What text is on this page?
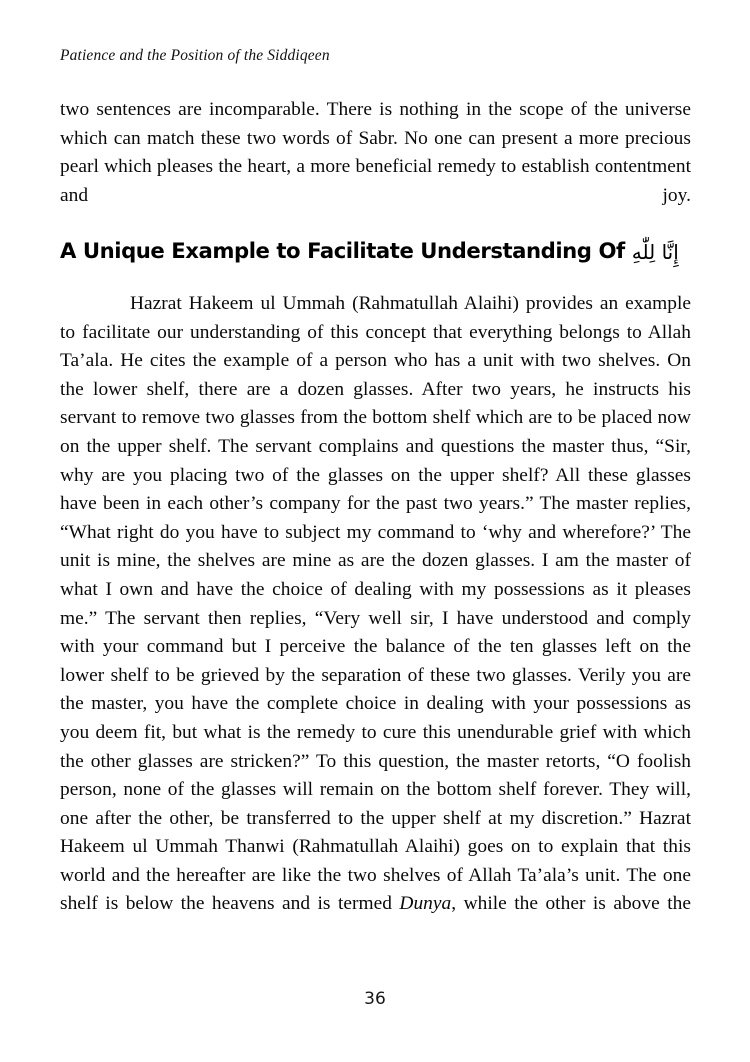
Patience and the Position of the Siddiqeen

two sentences are incomparable. There is nothing in the scope of the universe which can match these two words of Sabr. No one can present a more precious pearl which pleases the heart, a more beneficial remedy to establish contentment and joy.

A Unique Example to Facilitate Understanding Of إِنَّا لِلّٰهِ

Hazrat Hakeem ul Ummah (Rahmatullah Alaihi) provides an example to facilitate our understanding of this concept that everything belongs to Allah Ta’ala. He cites the example of a person who has a unit with two shelves. On the lower shelf, there are a dozen glasses. After two years, he instructs his servant to remove two glasses from the bottom shelf which are to be placed now on the upper shelf. The servant complains and questions the master thus, “Sir, why are you placing two of the glasses on the upper shelf? All these glasses have been in each other’s company for the past two years.” The master replies, “What right do you have to subject my command to ‘why and wherefore?’ The unit is mine, the shelves are mine as are the dozen glasses. I am the master of what I own and have the choice of dealing with my possessions as it pleases me.” The servant then replies, “Very well sir, I have understood and comply with your command but I perceive the balance of the ten glasses left on the lower shelf to be grieved by the separation of these two glasses. Verily you are the master, you have the complete choice in dealing with your possessions as you deem fit, but what is the remedy to cure this unendurable grief with which the other glasses are stricken?” To this question, the master retorts, “O foolish person, none of the glasses will remain on the bottom shelf forever. They will, one after the other, be transferred to the upper shelf at my discretion.” Hazrat Hakeem ul Ummah Thanwi (Rahmatullah Alaihi) goes on to explain that this world and the hereafter are like the two shelves of Allah Ta’ala’s unit. The one shelf is below the heavens and is termed Dunya, while the other is above the

36
